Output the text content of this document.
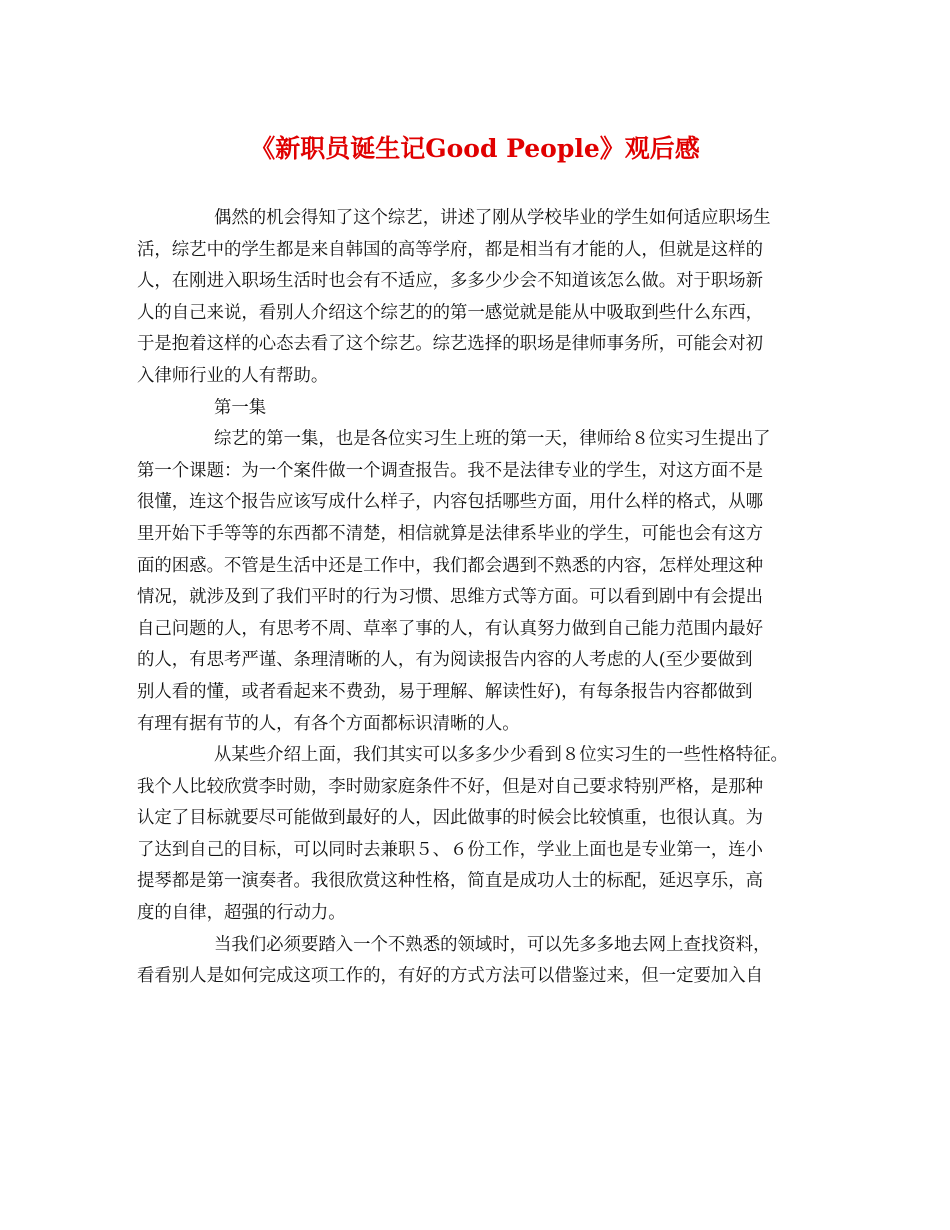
《新职员诞生记Good People》观后感
偶然的机会得知了这个综艺，讲述了刚从学校毕业的学生如何适应职场生
活，综艺中的学生都是来自韩国的高等学府，都是相当有才能的人，但就是这样的
人，在刚进入职场生活时也会有不适应，多多少少会不知道该怎么做。对于职场新
人的自己来说，看别人介绍这个综艺的的第一感觉就是能从中吸取到些什么东西，
于是抱着这样的心态去看了这个综艺。综艺选择的职场是律师事务所，可能会对初
入律师行业的人有帮助。
第一集
综艺的第一集，也是各位实习生上班的第一天，律师给８位实习生提出了
第一个课题：为一个案件做一个调查报告。我不是法律专业的学生，对这方面不是
很懂，连这个报告应该写成什么样子，内容包括哪些方面，用什么样的格式，从哪
里开始下手等等的东西都不清楚，相信就算是法律系毕业的学生，可能也会有这方
面的困惑。不管是生活中还是工作中，我们都会遇到不熟悉的内容，怎样处理这种
情况，就涉及到了我们平时的行为习惯、思维方式等方面。可以看到剧中有会提出
自己问题的人，有思考不周、草率了事的人，有认真努力做到自己能力范围内最好
的人，有思考严谨、条理清晰的人，有为阅读报告内容的人考虑的人(至少要做到
别人看的懂，或者看起来不费劲，易于理解、解读性好)，有每条报告内容都做到
有理有据有节的人，有各个方面都标识清晰的人。
从某些介绍上面，我们其实可以多多少少看到８位实习生的一些性格特征。
我个人比较欣赏李时勋，李时勋家庭条件不好，但是对自己要求特别严格，是那种
认定了目标就要尽可能做到最好的人，因此做事的时候会比较慎重，也很认真。为
了达到自己的目标，可以同时去兼职５、６份工作，学业上面也是专业第一，连小
提琴都是第一演奏者。我很欣赏这种性格，简直是成功人士的标配，延迟享乐，高
度的自律，超强的行动力。
当我们必须要踏入一个不熟悉的领域时，可以先多多地去网上查找资料，
看看别人是如何完成这项工作的，有好的方式方法可以借鉴过来，但一定要加入自
